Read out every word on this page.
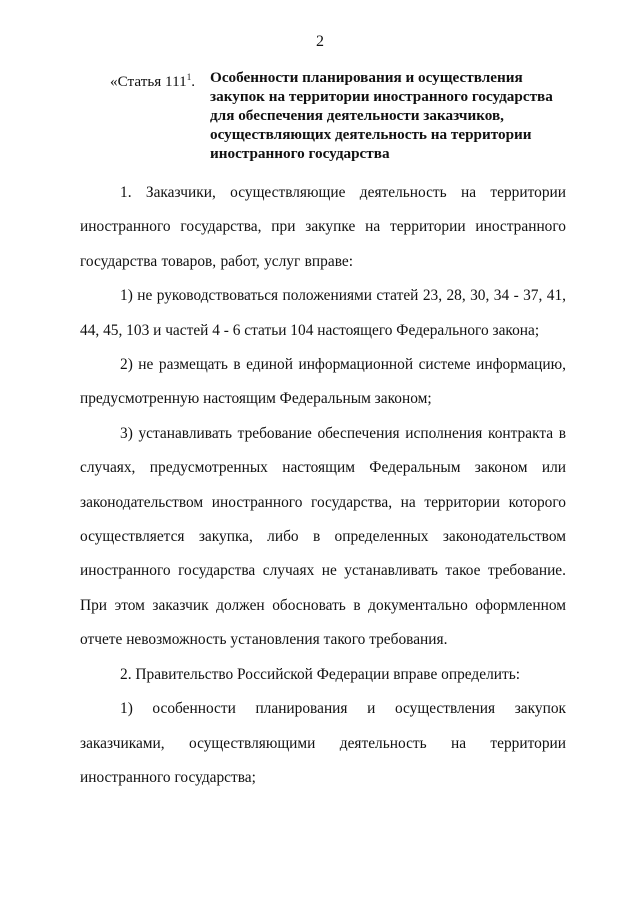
2
«Статья $111^1$. Особенности планирования и осуществления закупок на территории иностранного государства для обеспечения деятельности заказчиков, осуществляющих деятельность на территории иностранного государства

1. Заказчики, осуществляющие деятельность на территории иностранного государства, при закупке на территории иностранного государства товаров, работ, услуг вправе:

1) не руководствоваться положениями статей 23, 28, 30, 34 - 37, 41, 44, 45, 103 и частей 4 - 6 статьи 104 настоящего Федерального закона;

2) не размещать в единой информационной системе информацию, предусмотренную настоящим Федеральным законом;

3) устанавливать требование обеспечения исполнения контракта в случаях, предусмотренных настоящим Федеральным законом или законодательством иностранного государства, на территории которого осуществляется закупка, либо в определенных законодательством иностранного государства случаях не устанавливать такое требование. При этом заказчик должен обосновать в документально оформленном отчете невозможность установления такого требования.

2. Правительство Российской Федерации вправе определить:

1) особенности планирования и осуществления закупок заказчиками, осуществляющими деятельность на территории иностранного государства;
